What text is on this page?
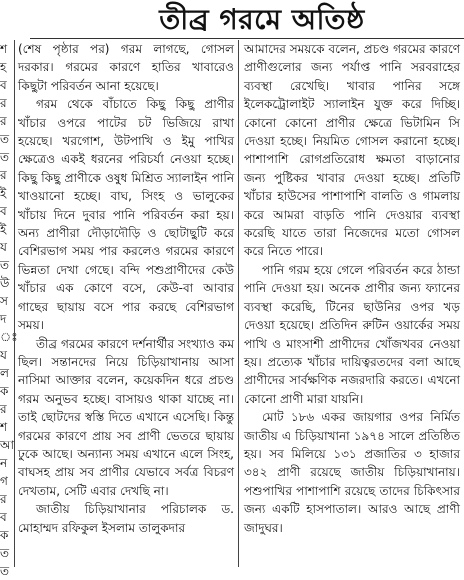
তীব্র গরমে অতিষ্ঠ
শ
হ
ব
র
র
ত
ত
র
ই
ব
ই
য
ত
উ
স
দ
ঃ
য
ল
ক
র
শ
আ
ন
গ
র
ব
ক
ত
ত

(শেষ পৃষ্ঠার পর) গরম লাগছে, গোসল দরকার। গরমের কারণে হাতির খাবারেও কিছুটা পরিবর্তন আনা হয়েছে।

গরম থেকে বাঁচাতে কিছু কিছু প্রাণীর খাঁচার ওপরে পাটের চট ভিজিয়ে রাখা হয়েছে। খরগোশ, উটপাখি ও ইমু পাখির ক্ষেত্রেও একই ধরনের পরিচর্যা নেওয়া হচ্ছে। কিছু কিছু প্রাণীকে ওষুধ মিশ্রিত স্যালাইন পানি খাওয়ানো হচ্ছে। বাঘ, সিংহ ও ভালুকের খাঁচায় দিনে দুবার পানি পরিবর্তন করা হয়। অন্য প্রাণীরা দৌড়াদৌড়ি ও ছোটাছুটি করে বেশিরভাগ সময় পার করলেও গরমের কারণে ভিন্নতা দেখা গেছে। বন্দি পশুপ্রাণীদের কেউ খাঁচার এক কোণে বসে, কেউ-বা আবার গাছের ছায়ায় বসে পার করছে বেশিরভাগ সময়।

তীব্র গরমের কারণে দর্শনার্থীর সংখ্যাও কম ছিল। সন্তানদের নিয়ে চিড়িয়াখানায় আসা নাসিমা আক্তার বলেন, কয়েকদিন ধরে প্রচণ্ড গরম অনুভব হচ্ছে। বাসায়ও থাকা যাচ্ছে না। তাই ছোটদের স্বস্তি দিতে এখানে এসেছি। কিন্তু গরমের কারণে প্রায় সব প্রাণী ভেতরে ছায়ায় ঢুকে আছে। অন্যান্য সময় এখানে এলে সিংহ, বাঘসহ প্রায় সব প্রাণীর যেভাবে সর্বত্র বিচরণ দেখতাম, সেটি এবার দেখছি না।

জাতীয় চিড়িয়াখানার পরিচালক ড. মোহাম্মদ রফিকুল ইসলাম তালুকদার

আমাদের সময়কে বলেন, প্রচণ্ড গরমের কারণে প্রাণীগুলোর জন্য পর্যাপ্ত পানি সরবরাহের ব্যবস্থা রেখেছি। খাবার পানির সঙ্গে ইলেকট্রোলাইট স্যালাইন যুক্ত করে দিচ্ছি। কোনো কোনো প্রাণীর ক্ষেত্রে ভিটামিন সি দেওয়া হচ্ছে। নিয়মিত গোসল করানো হচ্ছে। পাশাপাশি রোগপ্রতিরোধ ক্ষমতা বাড়ানোর জন্য পুষ্টিকর খাবার দেওয়া হচ্ছে। প্রতিটি খাঁচার হাউসের পাশাপাশি বালতি ও গামলায় করে আমরা বাড়তি পানি দেওয়ার ব্যবস্থা করেছি যাতে তারা নিজেদের মতো গোসল করে নিতে পারে।

পানি গরম হয়ে গেলে পরিবর্তন করে ঠান্ডা পানি দেওয়া হয়। অনেক প্রাণীর জন্য ফ্যানের ব্যবস্থা করেছি, টিনের ছাউনির ওপর খড় দেওয়া হয়েছে। প্রতিদিন রুটিন ওয়ার্কের সময় পাখি ও মাংসাশী প্রাণীদের খোঁজখবর নেওয়া হয়। প্রত্যেক খাঁচার দায়িত্বরতদের বলা আছে প্রাণীদের সার্বক্ষণিক নজরদারি করতে। এখনো কোনো প্রাণী মারা যায়নি।

মোট ১৮৬ একর জায়গার ওপর নির্মিত জাতীয় এ চিড়িয়াখানা ১৯৭৪ সালে প্রতিষ্ঠিত হয়। সব মিলিয়ে ১৩১ প্রজাতির ৩ হাজার ৩৪২ প্রাণী রয়েছে জাতীয় চিড়িয়াখানায়। পশুপাখির পাশাপাশি রয়েছে তাদের চিকিৎসার জন্য একটি হাসপাতাল। আরও আছে প্রাণী জাদুঘর।
